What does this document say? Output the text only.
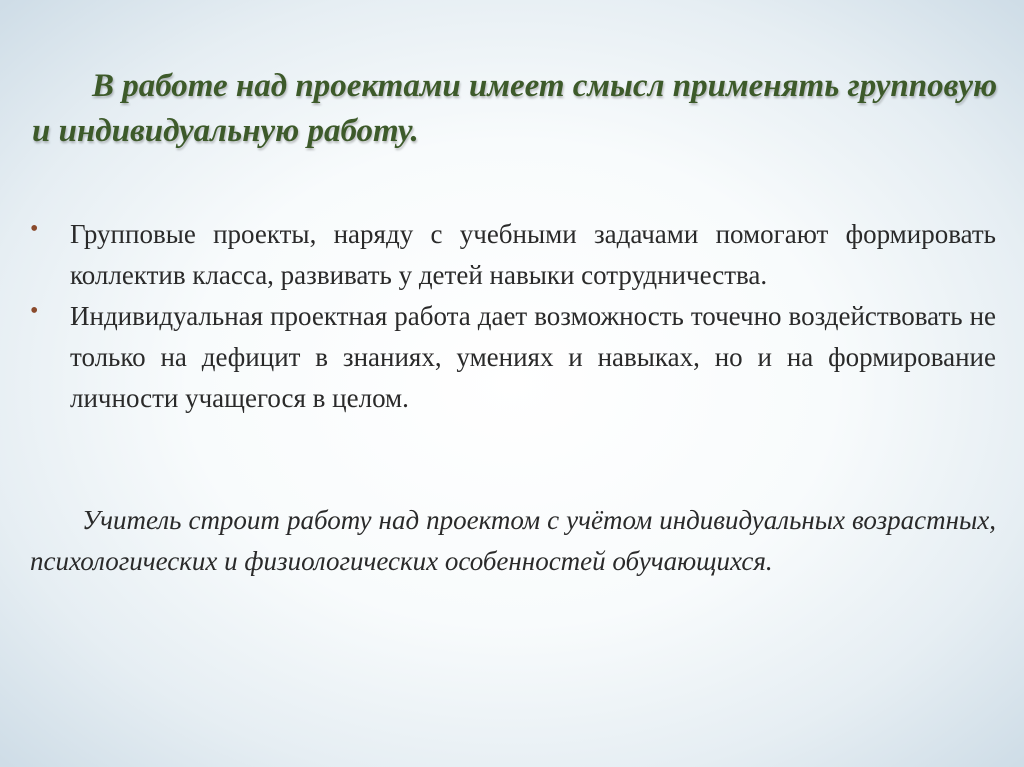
В работе над проектами имеет смысл применять групповую и индивидуальную работу.
• Групповые проекты, наряду с учебными задачами помогают формировать коллектив класса, развивать у детей навыки сотрудничества.
• Индивидуальная проектная работа дает возможность точечно воздействовать не только на дефицит в знаниях, умениях и навыках, но и на формирование личности учащегося в целом.
Учитель строит работу над проектом с учётом индивидуальных возрастных, психологических и физиологических особенностей обучающихся.
